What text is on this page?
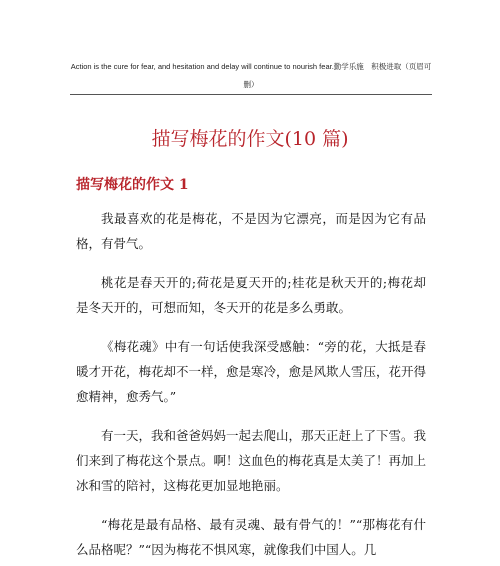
Action is the cure for fear, and hesitation and delay will continue to nourish fear.勤学乐施　积极进取（页眉可删）
描写梅花的作文(10 篇)
描写梅花的作文 1

我最喜欢的花是梅花，不是因为它漂亮，而是因为它有品格，有骨气。

桃花是春天开的;荷花是夏天开的;桂花是秋天开的;梅花却是冬天开的，可想而知，冬天开的花是多么勇敢。

《梅花魂》中有一句话使我深受感触：“旁的花，大抵是春暖才开花，梅花却不一样，愈是寒冷，愈是风欺人雪压，花开得愈精神，愈秀气。”

有一天，我和爸爸妈妈一起去爬山，那天正赶上了下雪。我们来到了梅花这个景点。啊！这血色的梅花真是太美了！再加上冰和雪的陪衬，这梅花更加显地艳丽。

“梅花是最有品格、最有灵魂、最有骨气的！”“那梅花有什么品格呢？”“因为梅花不惧风寒，就像我们中国人。几
